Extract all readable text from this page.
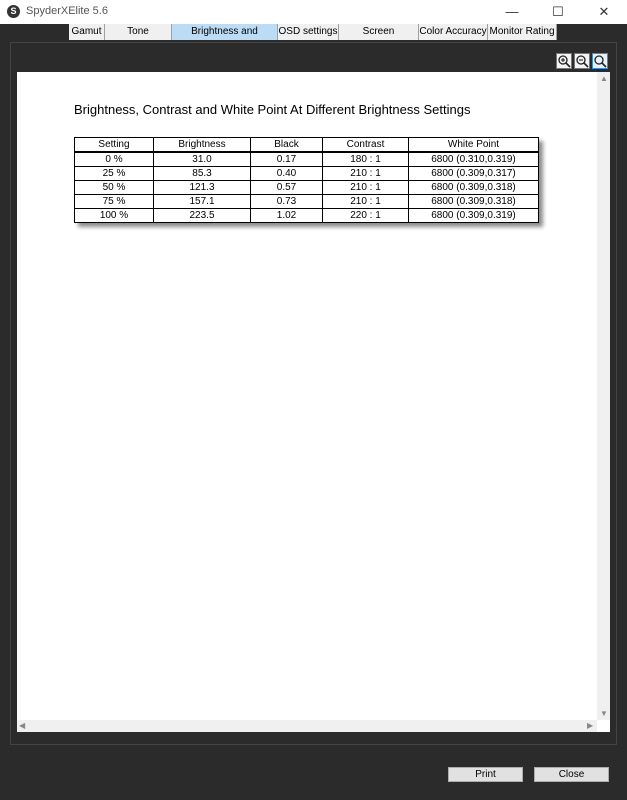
S SpyderXElite 5.6	—	☐	✕
Gamut	Tone	Brightness and	OSD settings	Screen	Color Accuracy Monitor Rating
Brightness, Contrast and White Point At Different Brightness Settings
Setting	Brightness	Black	Contrast	White Point
0 %	31.0	0.17	180 : 1	6800 (0.310,0.319)
25 %	85.3	0.40	210 : 1	6800 (0.309,0.317)
50 %	121.3	0.57	210 : 1	6800 (0.309,0.318)
75 %	157.1	0.73	210 : 1	6800 (0.309,0.318)
100 %	223.5	1.02	220 : 1	6800 (0.309,0.319)
▲
▼
◀	▶
Print	Close
